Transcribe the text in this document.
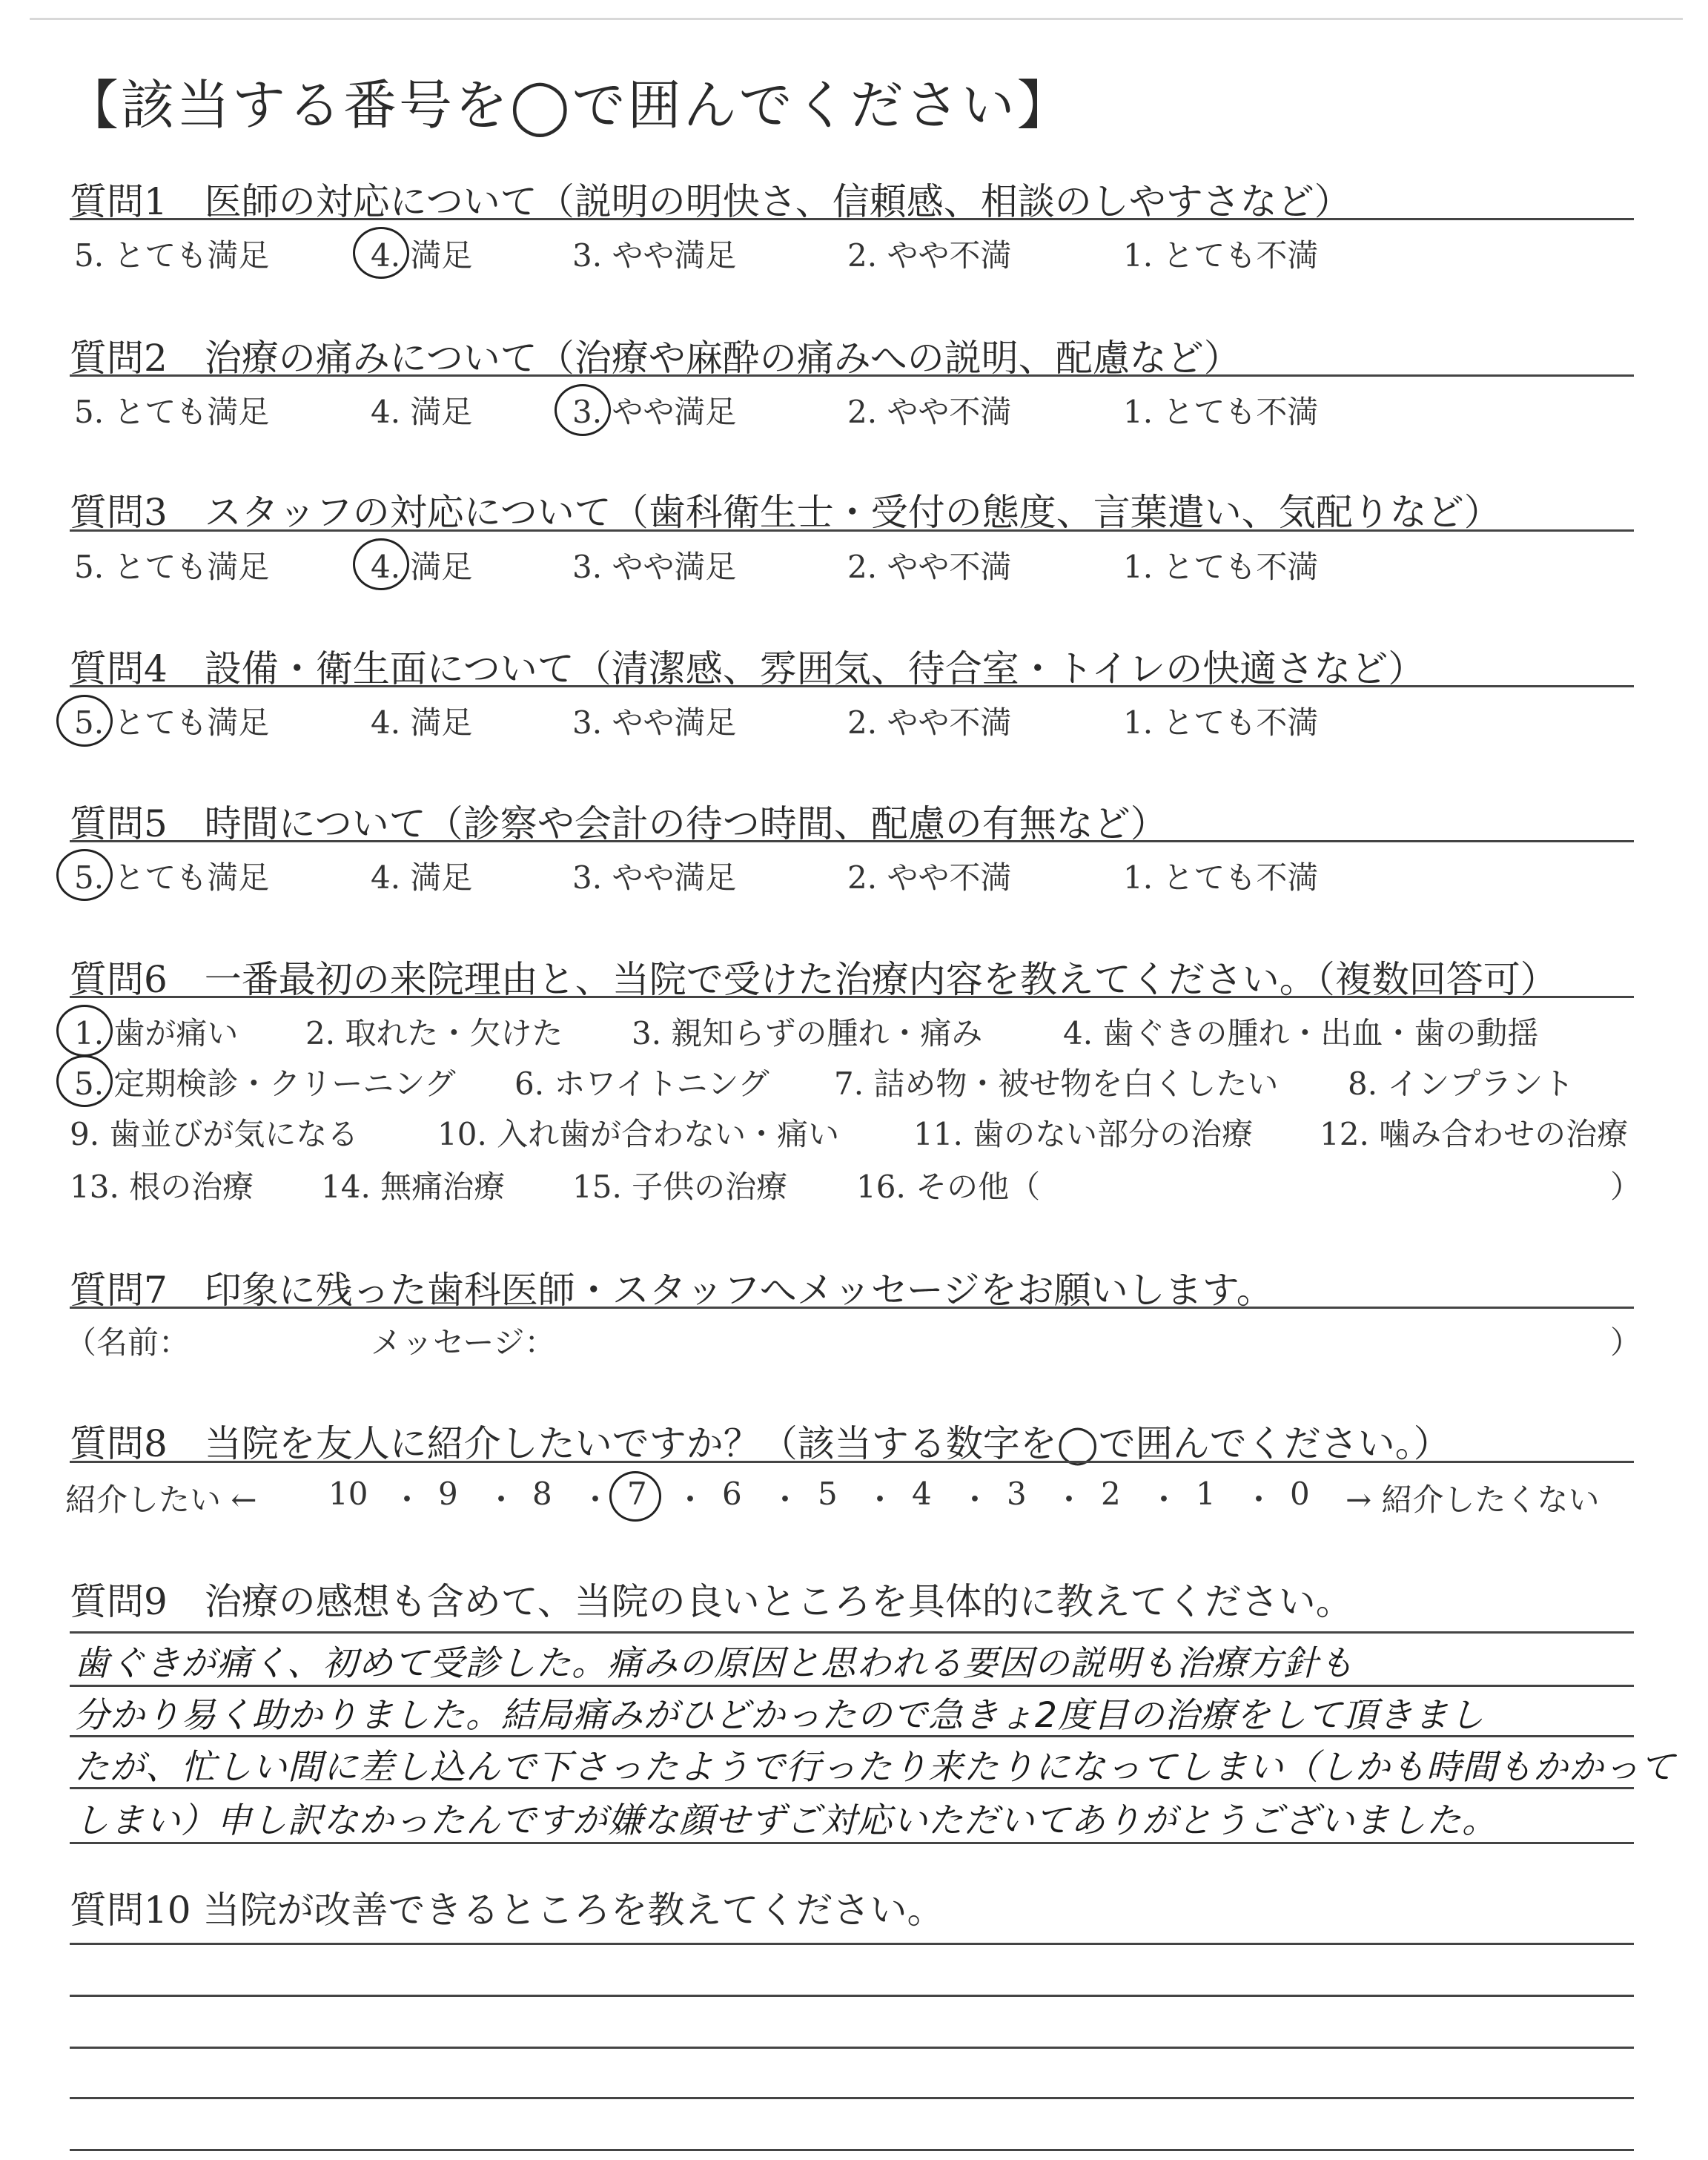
【該当する番号を◯で囲んでください】
質問1　医師の対応について（説明の明快さ、信頼感、相談のしやすさなど）
5. とても満足	4. 満足	3. やや満足	2. やや不満	1. とても不満
質問2　治療の痛みについて（治療や麻酔の痛みへの説明、配慮など）
5. とても満足	4. 満足	3. やや満足	2. やや不満	1. とても不満
質問3　スタッフの対応について（歯科衛生士・受付の態度、言葉遣い、気配りなど）
5. とても満足	4. 満足	3. やや満足	2. やや不満	1. とても不満
質問4　設備・衛生面について（清潔感、雰囲気、待合室・トイレの快適さなど）
5. とても満足	4. 満足	3. やや満足	2. やや不満	1. とても不満
質問5　時間について（診察や会計の待つ時間、配慮の有無など）
5. とても満足	4. 満足	3. やや満足	2. やや不満	1. とても不満
質問6　一番最初の来院理由と、当院で受けた治療内容を教えてください。（複数回答可）
1. 歯が痛い 2. 取れた・欠けた 3. 親知らずの腫れ・痛み	4. 歯ぐきの腫れ・出血・歯の動揺
5. 定期検診・クリーニング 6. ホワイトニング 7. 詰め物・被せ物を白くしたい 8. インプラント
9. 歯並びが気になる	10. 入れ歯が合わない・痛い 11. 歯のない部分の治療 12. 噛み合わせの治療
13. 根の治療 14. 無痛治療 15. 子供の治療 16. その他（	）
質問7　印象に残った歯科医師・スタッフへメッセージをお願いします。
（名前：	メッセージ：	）
質問8　当院を友人に紹介したいですか？（該当する数字を◯で囲んでください。）
紹介したい ← 10 ・ 9 ・ 8 ・ 7 ・ 6 ・ 5 ・ 4 ・ 3 ・ 2 ・ 1 ・ 0 → 紹介したくない
質問9　治療の感想も含めて、当院の良いところを具体的に教えてください。
歯ぐきが痛く、初めて受診した。痛みの原因と思われる要因の説明も治療方針も
分かり易く助かりました。結局痛みがひどかったので急きょ2度目の治療をして頂きまし
たが、忙しい間に差し込んで下さったようで行ったり来たりになってしまい（しかも時間もかかって
しまい）申し訳なかったんですが嫌な顔せずご対応いただいてありがとうございました。
質問10 当院が改善できるところを教えてください。
